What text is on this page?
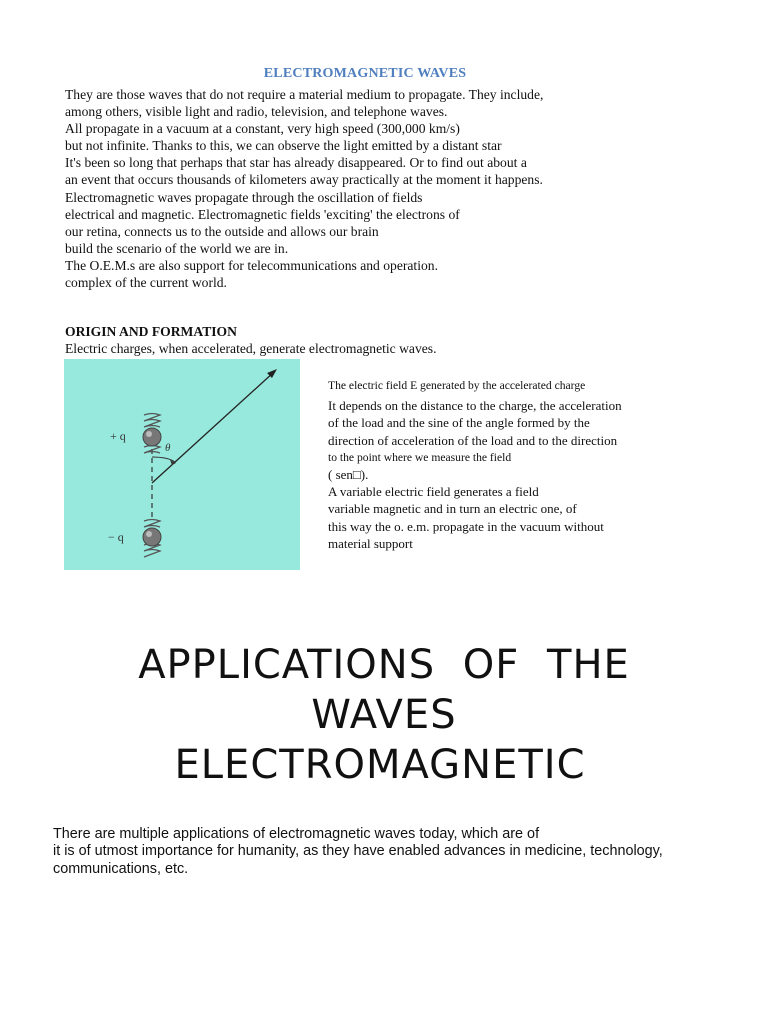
ELECTROMAGNETIC WAVES
They are those waves that do not require a material medium to propagate. They include,
among others, visible light and radio, television, and telephone waves.
All propagate in a vacuum at a constant, very high speed (300,000 km/s)
but not infinite. Thanks to this, we can observe the light emitted by a distant star
It's been so long that perhaps that star has already disappeared. Or to find out about a
an event that occurs thousands of kilometers away practically at the moment it happens.
Electromagnetic waves propagate through the oscillation of fields
electrical and magnetic. Electromagnetic fields 'exciting' the electrons of
our retina, connects us to the outside and allows our brain
build the scenario of the world we are in.
The O.E.M.s are also support for telecommunications and operation.
complex of the current world.
ORIGIN AND FORMATION
Electric charges, when accelerated, generate electromagnetic waves.
+ q
− q
θ
The electric field E generated by the accelerated charge
It depends on the distance to the charge, the acceleration
of the load and the sine of the angle formed by the
direction of acceleration of the load and to the direction
to the point where we measure the field
( sen□).
A variable electric field generates a field
variable magnetic and in turn an electric one, of
this way the o. e.m. propagate in the vacuum without
material support
APPLICATIONS OF THE
WAVES
ELECTROMAGNETIC
There are multiple applications of electromagnetic waves today, which are of
it is of utmost importance for humanity, as they have enabled advances in medicine, technology,
communications, etc.
